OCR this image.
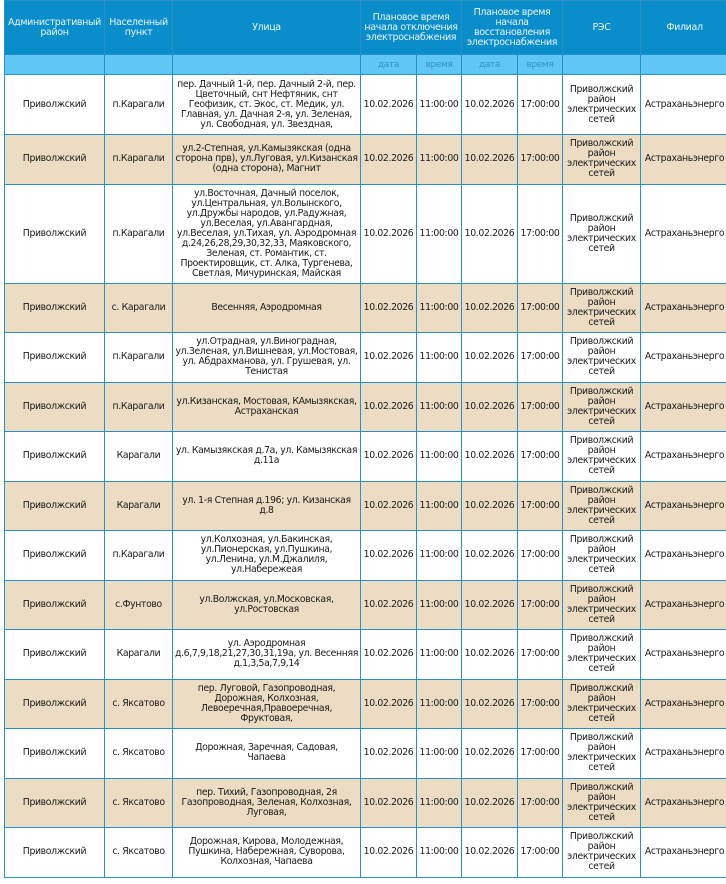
Административный район	Населенный пункт	Улица	Плановое время начала отключения электроснабжения		Плановое время начала восстановления электроснабжения		РЭС	Филиал
			дата	время	дата	время		
Приволжский	п.Карагали	пер. Дачный 1-й, пер. Дачный 2-й, пер. Цветочный, снт Нефтяник, снт Геофизик, ст. Экос, ст. Медик, ул. Главная, ул. Дачная 2-я, ул. Зеленая, ул. Свободная, ул. Звездная,	10.02.2026	11:00:00	10.02.2026	17:00:00	Приволжский район электрических сетей	Астраханьэнерго
Приволжский	п.Карагали	ул.2-Степная, ул.Камызякская (одна сторона прв), ул.Луговая, ул.Кизанская (одна сторона), Магнит	10.02.2026	11:00:00	10.02.2026	17:00:00	Приволжский район электрических сетей	Астраханьэнерго
Приволжский	п.Карагали	ул.Восточная, Дачный поселок, ул.Центральная, ул.Волынского, ул.Дружбы народов, ул.Радужная, ул.Веселая, ул.Авангардная, ул.Веселая, ул.Тихая, ул. Аэродромная д.24,26,28,29,30,32,33, Маяковского, Зеленая, ст. Романтик, ст. Проектировщик, ст. Алка, Тургенева, Светлая, Мичуринская, Майская	10.02.2026	11:00:00	10.02.2026	17:00:00	Приволжский район электрических сетей	Астраханьэнерго
Приволжский	с. Карагали	Весенняя, Аэродромная	10.02.2026	11:00:00	10.02.2026	17:00:00	Приволжский район электрических сетей	Астраханьэнерго
Приволжский	п.Карагали	ул.Отрадная, ул.Виноградная, ул.Зеленая, ул.Вишневая, ул.Мостовая, ул. Абдрахманова, ул. Грушевая, ул. Тенистая	10.02.2026	11:00:00	10.02.2026	17:00:00	Приволжский район электрических сетей	Астраханьэнерго
Приволжский	п.Карагали	ул.Кизанская, Мостовая, КАмызякская, Астраханская	10.02.2026	11:00:00	10.02.2026	17:00:00	Приволжский район электрических сетей	Астраханьэнерго
Приволжский	Карагали	ул. Камызякская д.7а, ул. Камызякская д.11а	10.02.2026	11:00:00	10.02.2026	17:00:00	Приволжский район электрических сетей	Астраханьэнерго
Приволжский	Карагали	ул. 1-я Степная д.196; ул. Кизанская д.8	10.02.2026	11:00:00	10.02.2026	17:00:00	Приволжский район электрических сетей	Астраханьэнерго
Приволжский	п.Карагали	ул.Колхозная, ул.Бакинская, ул.Пионерская, ул.Пушкина, ул.Ленина, ул.М.Джалиля, ул.Набережеая	10.02.2026	11:00:00	10.02.2026	17:00:00	Приволжский район электрических сетей	Астраханьэнерго
Приволжский	с.Фунтово	ул.Волжская, ул.Московская, ул.Ростовская	10.02.2026	11:00:00	10.02.2026	17:00:00	Приволжский район электрических сетей	Астраханьэнерго
Приволжский	Карагали	ул. Аэродромная д.6,7,9,18,21,27,30,31,19а, ул. Весенняя д.1,3,5а,7,9,14	10.02.2026	11:00:00	10.02.2026	17:00:00	Приволжский район электрических сетей	Астраханьэнерго
Приволжский	с. Яксатово	пер. Луговой, Газопроводная, Дорожная, Колхозная, Левоеречная,Правоеречная, Фруктовая,	10.02.2026	11:00:00	10.02.2026	17:00:00	Приволжский район электрических сетей	Астраханьэнерго
Приволжский	с. Яксатово	Дорожная, Заречная, Садовая, Чапаева	10.02.2026	11:00:00	10.02.2026	17:00:00	Приволжский район электрических сетей	Астраханьэнерго
Приволжский	с. Яксатово	пер. Тихий, Газопроводная, 2я Газопроводная, Зеленая, Колхозная, Луговая,	10.02.2026	11:00:00	10.02.2026	17:00:00	Приволжский район электрических сетей	Астраханьэнерго
Приволжский	с. Яксатово	Дорожная, Кирова, Молодежная, Пушкина, Набережная, Суворова, Колхозная, Чапаева	10.02.2026	11:00:00	10.02.2026	17:00:00	Приволжский район электрических сетей	Астраханьэнерго
